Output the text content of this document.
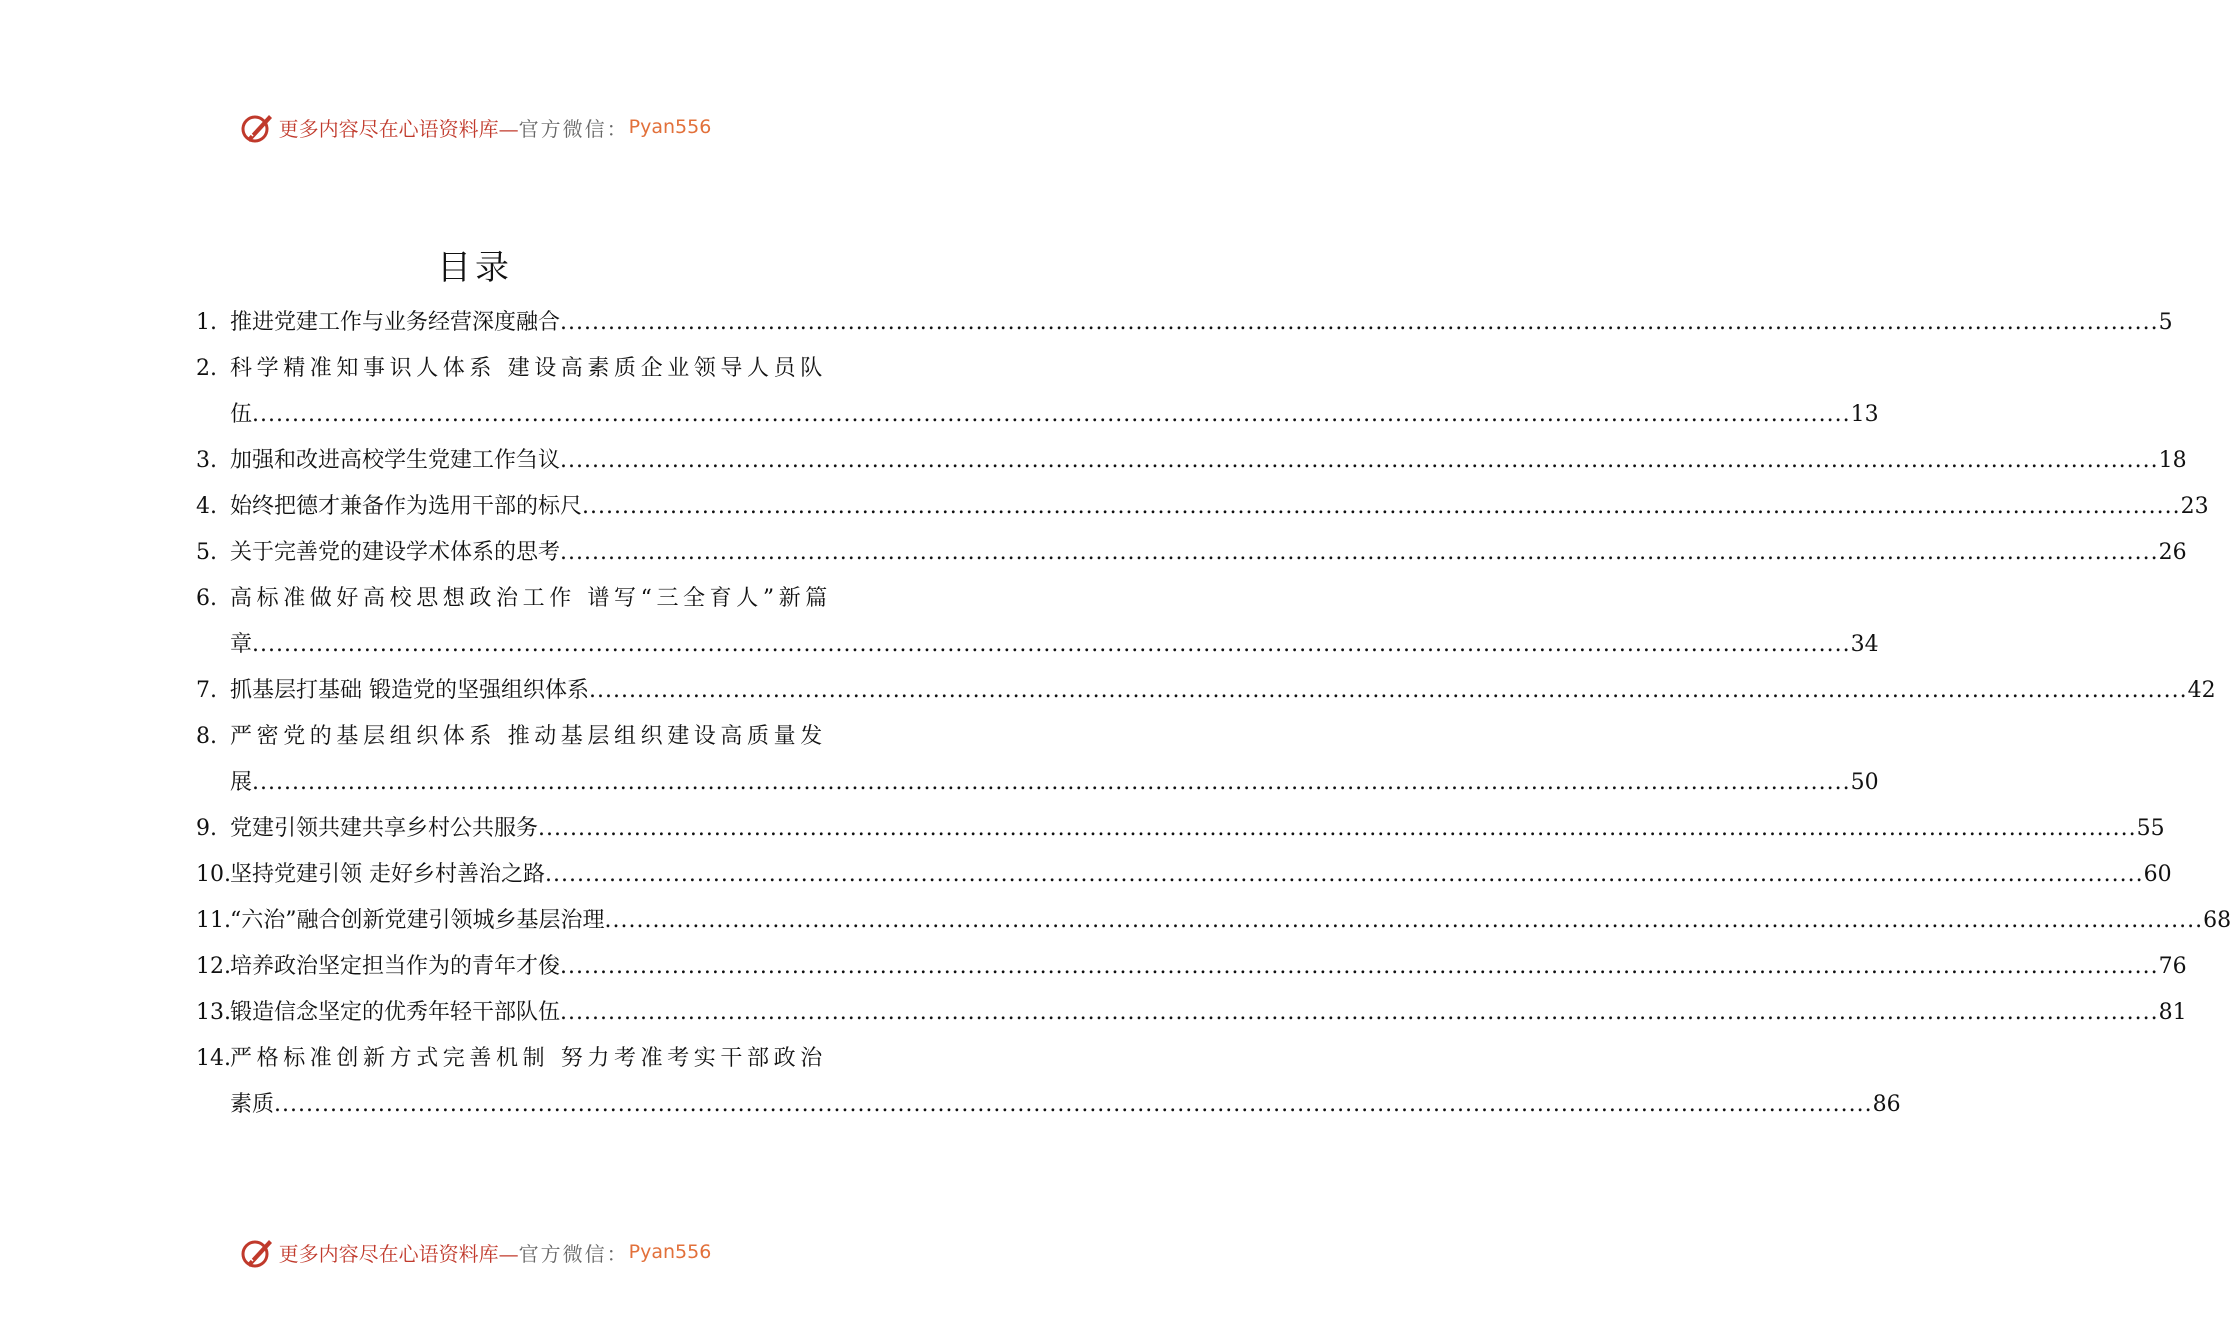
更多内容尽在心语资料库— 官方微信： Pyan556
目录
1. 推进党建工作与业务经营深度融合 ........................................................................................................................................................................................................ 5
2. 科学精准知事识人体系 建设高素质企业领导人员队
伍 ........................................................................................................................................................................................................ 13
3. 加强和改进高校学生党建工作刍议 ........................................................................................................................................................................................................ 18
4. 始终把德才兼备作为选用干部的标尺 ........................................................................................................................................................................................................ 23
5. 关于完善党的建设学术体系的思考 ........................................................................................................................................................................................................ 26
6. 高标准做好高校思想政治工作 谱写“三全育人”新篇
章 ........................................................................................................................................................................................................ 34
7. 抓基层打基础 锻造党的坚强组织体系 ........................................................................................................................................................................................................ 42
8. 严密党的基层组织体系 推动基层组织建设高质量发
展 ........................................................................................................................................................................................................ 50
9. 党建引领共建共享乡村公共服务 ........................................................................................................................................................................................................ 55
10. 坚持党建引领 走好乡村善治之路 ........................................................................................................................................................................................................ 60
11. “六治”融合创新党建引领城乡基层治理 ........................................................................................................................................................................................................ 68
12. 培养政治坚定担当作为的青年才俊 ........................................................................................................................................................................................................ 76
13. 锻造信念坚定的优秀年轻干部队伍 ........................................................................................................................................................................................................ 81
14. 严格标准创新方式完善机制 努力考准考实干部政治
素质 ........................................................................................................................................................................................................ 86
更多内容尽在心语资料库— 官方微信： Pyan556
